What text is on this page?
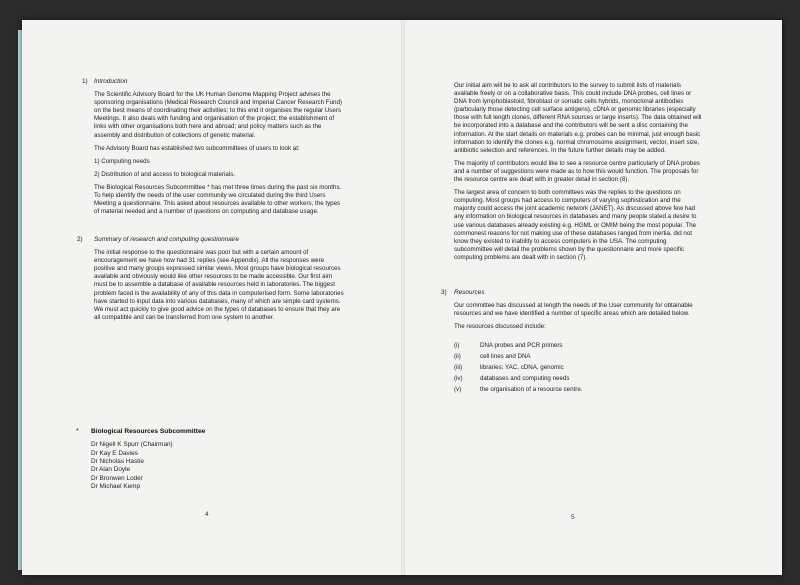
1) Introduction

The Scientific Advisory Board for the UK Human Genome Mapping Project advises the sponsoring organisations (Medical Research Council and Imperial Cancer Research Fund) on the best means of coordinating their activities; to this end it organises the regular Users Meetings. It also deals with funding and organisation of the project; the establishment of links with other organisations both here and abroad; and policy matters such as the assembly and distribution of collections of genetic material.

The Advisory Board has established two subcommittees of users to look at:

1) Computing needs

2) Distribution of and access to biological materials.

The Biological Resources Subcommittee * has met three times during the past six months. To help identify the needs of the user community we circulated during the third Users Meeting a questionnaire. This asked about resources available to other workers, the types of material needed and a number of questions on computing and database usage.

2) Summary of research and computing questionnaire

The initial response to the questionnaire was poor but with a certain amount of encouragement we have now had 31 replies (see Appendix). All the responses were positive and many groups expressed similar views. Most groups have biological resources available and obviously would like other resources to be made accessible. Our first aim must be to assemble a database of available resources held in laboratories. The biggest problem faced is the availability of any of this data in computerised form. Some laboratories have started to input data into various databases, many of which are simple card systems. We must act quickly to give good advice on the types of databases to ensure that they are all compatible and can be transferred from one system to another.

* Biological Resources Subcommittee

Dr Nigell K Spurr (Chairman)
Dr Kay E Davies
Dr Nicholas Hastie
Dr Alan Doyle
Dr Bronwen Loder
Dr Michael Kemp
4

Our initial aim will be to ask all contributors to the survey to submit lists of materials available freely or on a collaborative basis. This could include DNA probes, cell lines or DNA from lymphoblastoid, fibroblast or somatic cells hybrids, monoclonal antibodies (particularly those detecting cell surface antigens), cDNA or genomic libraries (especially those with full length clones, different RNA sources or large inserts). The data obtained will be incorporated into a database and the contributors will be sent a disc containing the information. At the start details on materials e.g. probes can be minimal, just enough basic information to identify the clones e.g. normal chromosome assignment, vector, insert size, antibiotic selection and references. In the future further details may be added.

The majority of contributors would like to see a resource centre particularly of DNA probes and a number of suggestions were made as to how this would function. The proposals for the resource centre are dealt with in greater detail in section (8).

The largest area of concern to both committees was the replies to the questions on computing. Most groups had access to computers of varying sophistication and the majority could access the joint academic network (JANET). As discussed above few had any information on biological resources in databases and many people stated a desire to use various databases already existing e.g. HGML or OMIM being the most popular. The commonest reasons for not making use of these databases ranged from inertia, did not know they existed to inability to access computers in the USA. The computing subcommittee will detail the problems shown by the questionnaire and more specific computing problems are dealt with in section (7).

3) Resources

Our committee has discussed at length the needs of the User community for obtainable resources and we have identified a number of specific areas which are detailed below.

The resources discussed include:

(i)	DNA probes and PCR primers
(ii)	cell lines and DNA
(iii)	libraries; YAC, cDNA, genomic
(iv)	databases and computing needs
(v)	the organisation of a resource centre.
5
